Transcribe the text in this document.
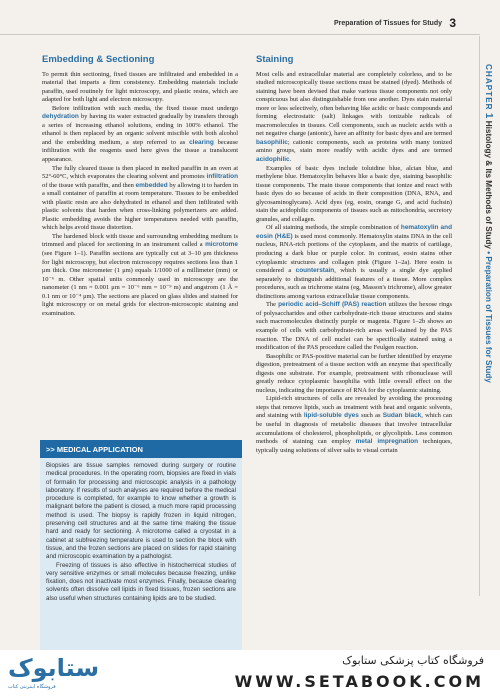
Preparation of Tissues for Study 3
CHAPTER 1 Histology & Its Methods of Study • Preparation of Tissues for Study
Embedding & Sectioning

To permit thin sectioning, fixed tissues are infiltrated and embedded in a material that imparts a firm consistency. Embedding materials include paraffin, used routinely for light microscopy, and plastic resins, which are adapted for both light and electron microscopy.

Before infiltration with such media, the fixed tissue must undergo dehydration by having its water extracted gradually by transfers through a series of increasing ethanol solutions, ending in 100% ethanol. The ethanol is then replaced by an organic solvent miscible with both alcohol and the embedding medium, a step referred to as clearing because infiltration with the reagents used here gives the tissue a translucent appearance.

The fully cleared tissue is then placed in melted paraffin in an oven at 52°-60°C, which evaporates the clearing solvent and promotes infiltration of the tissue with paraffin, and then embedded by allowing it to harden in a small container of paraffin at room temperature. Tissues to be embedded with plastic resin are also dehydrated in ethanol and then infiltrated with plastic solvents that harden when cross-linking polymerizers are added. Plastic embedding avoids the higher temperatures needed with paraffin, which helps avoid tissue distortion.

The hardened block with tissue and surrounding embedding medium is trimmed and placed for sectioning in an instrument called a microtome (see Figure 1–1). Paraffin sections are typically cut at 3–10 μm thickness for light microscopy, but electron microscopy requires sections less than 1 μm thick. One micrometer (1 μm) equals 1/1000 of a millimeter (mm) or 10⁻⁶ m. Other spatial units commonly used in microscopy are the nanometer (1 nm = 0.001 μm = 10⁻⁶ mm = 10⁻⁹ m) and angstrom (1 Å = 0.1 nm or 10⁻⁴ μm). The sections are placed on glass slides and stained for light microscopy or on metal grids for electron-microscopic staining and examination.

>> MEDICAL APPLICATION

Biopsies are tissue samples removed during surgery or routine medical procedures. In the operating room, biopsies are fixed in vials of formalin for processing and microscopic analysis in a pathology laboratory. If results of such analyses are required before the medical procedure is completed, for example to know whether a growth is malignant before the patient is closed, a much more rapid processing method is used. The biopsy is rapidly frozen in liquid nitrogen, preserving cell structures and at the same time making the tissue hard and ready for sectioning. A microtome called a cryostat in a cabinet at subfreezing temperature is used to section the block with tissue, and the frozen sections are placed on slides for rapid staining and microscopic examination by a pathologist.

Freezing of tissues is also effective in histochemical studies of very sensitive enzymes or small molecules because freezing, unlike fixation, does not inactivate most enzymes. Finally, because clearing solvents often dissolve cell lipids in fixed tissues, frozen sections are also useful when structures containing lipids are to be studied.

Staining

Most cells and extracellular material are completely colorless, and to be studied microscopically tissue sections must be stained (dyed). Methods of staining have been devised that make various tissue components not only conspicuous but also distinguishable from one another. Dyes stain material more or less selectively, often behaving like acidic or basic compounds and forming electrostatic (salt) linkages with ionizable radicals of macromolecules in tissues. Cell components, such as nucleic acids with a net negative charge (anionic), have an affinity for basic dyes and are termed basophilic; cationic components, such as proteins with many ionized amino groups, stain more readily with acidic dyes and are termed acidophilic.

Examples of basic dyes include toluidine blue, alcian blue, and methylene blue. Hematoxylin behaves like a basic dye, staining basophilic tissue components. The main tissue components that ionize and react with basic dyes do so because of acids in their composition (DNA, RNA, and glycosaminoglycans). Acid dyes (eg, eosin, orange G, and acid fuchsin) stain the acidophilic components of tissues such as mitochondria, secretory granules, and collagen.

Of all staining methods, the simple combination of hematoxylin and eosin (H&E) is used most commonly. Hematoxylin stains DNA in the cell nucleus, RNA-rich portions of the cytoplasm, and the matrix of cartilage, producing a dark blue or purple color. In contrast, eosin stains other cytoplasmic structures and collagen pink (Figure 1–2a). Here eosin is considered a counterstain, which is usually a single dye applied separately to distinguish additional features of a tissue. More complex procedures, such as trichrome stains (eg, Masson's trichrome), allow greater distinctions among various extracellular tissue components.

The periodic acid–Schiff (PAS) reaction utilizes the hexose rings of polysaccharides and other carbohydrate-rich tissue structures and stains such macromolecules distinctly purple or magenta. Figure 1–2b shows an example of cells with carbohydrate-rich areas well-stained by the PAS reaction. The DNA of cell nuclei can be specifically stained using a modification of the PAS procedure called the Feulgen reaction.

Basophilic or PAS-positive material can be further identified by enzyme digestion, pretreatment of a tissue section with an enzyme that specifically digests one substrate. For example, pretreatment with ribonuclease will greatly reduce cytoplasmic basophilia with little overall effect on the nucleus, indicating the importance of RNA for the cytoplasmic staining.

Lipid-rich structures of cells are revealed by avoiding the processing steps that remove lipids, such as treatment with heat and organic solvents, and staining with lipid-soluble dyes such as Sudan black, which can be useful in diagnosis of metabolic diseases that involve intracellular accumulations of cholesterol, phospholipids, or glycolipids. Less common methods of staining can employ metal impregnation techniques, typically using solutions of silver salts to visual certain

ستابوک
فروشگاه اینترنتی کتاب
فروشگاه کتاب پزشکی ستابوک
WWW.SETABOOK.COM
